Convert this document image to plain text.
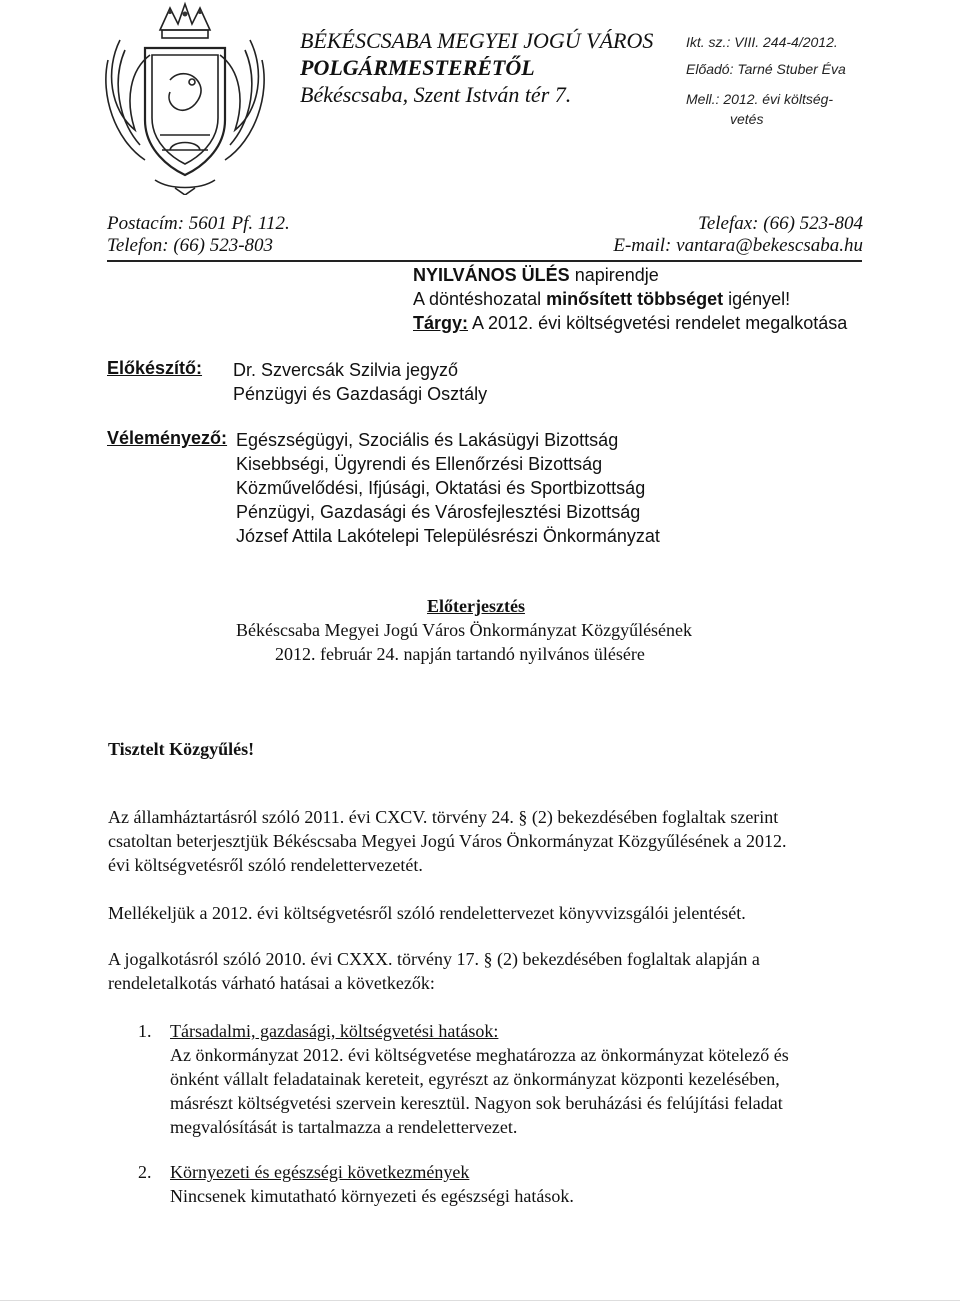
BÉKÉSCSABA MEGYEI JOGÚ VÁROS
POLGÁRMESTERÉTŐL
Békéscsaba, Szent István tér 7.
Ikt. sz.: VIII. 244-4/2012.
Előadó: Tarné Stuber Éva
Mell.: 2012. évi költség-
vetés
Postacím: 5601 Pf. 112.
Telefon: (66) 523-803
Telefax: (66) 523-804
E-mail: vantara@bekescsaba.hu
NYILVÁNOS ÜLÉS napirendje
A döntéshozatal minősített többséget igényel!
Tárgy: A 2012. évi költségvetési rendelet megalkotása
Előkészítő: Dr. Szvercsák Szilvia jegyző
Pénzügyi és Gazdasági Osztály
Véleményező: Egészségügyi, Szociális és Lakásügyi Bizottság
Kisebbségi, Ügyrendi és Ellenőrzési Bizottság
Közművelődési, Ifjúsági, Oktatási és Sportbizottság
Pénzügyi, Gazdasági és Városfejlesztési Bizottság
József Attila Lakótelepi Településrészi Önkormányzat
Előterjesztés
Békéscsaba Megyei Jogú Város Önkormányzat Közgyűlésének
2012. február 24. napján tartandó nyilvános ülésére
Tisztelt Közgyűlés!
Az államháztartásról szóló 2011. évi CXCV. törvény 24. § (2) bekezdésében foglaltak szerint
csatoltan beterjesztjük Békéscsaba Megyei Jogú Város Önkormányzat Közgyűlésének a 2012.
évi költségvetésről szóló rendelettervezetét.
Mellékeljük a 2012. évi költségvetésről szóló rendelettervezet könyvvizsgálói jelentését.
A jogalkotásról szóló 2010. évi CXXX. törvény 17. § (2) bekezdésében foglaltak alapján a
rendeletalkotás várható hatásai a következők:
1. Társadalmi, gazdasági, költségvetési hatások:
Az önkormányzat 2012. évi költségvetése meghatározza az önkormányzat kötelező és
önként vállalt feladatainak kereteit, egyrészt az önkormányzat központi kezelésében,
másrészt költségvetési szervein keresztül. Nagyon sok beruházási és felújítási feladat
megvalósítását is tartalmazza a rendelettervezet.
2. Környezeti és egészségi következmények
Nincsenek kimutatható környezeti és egészségi hatások.
